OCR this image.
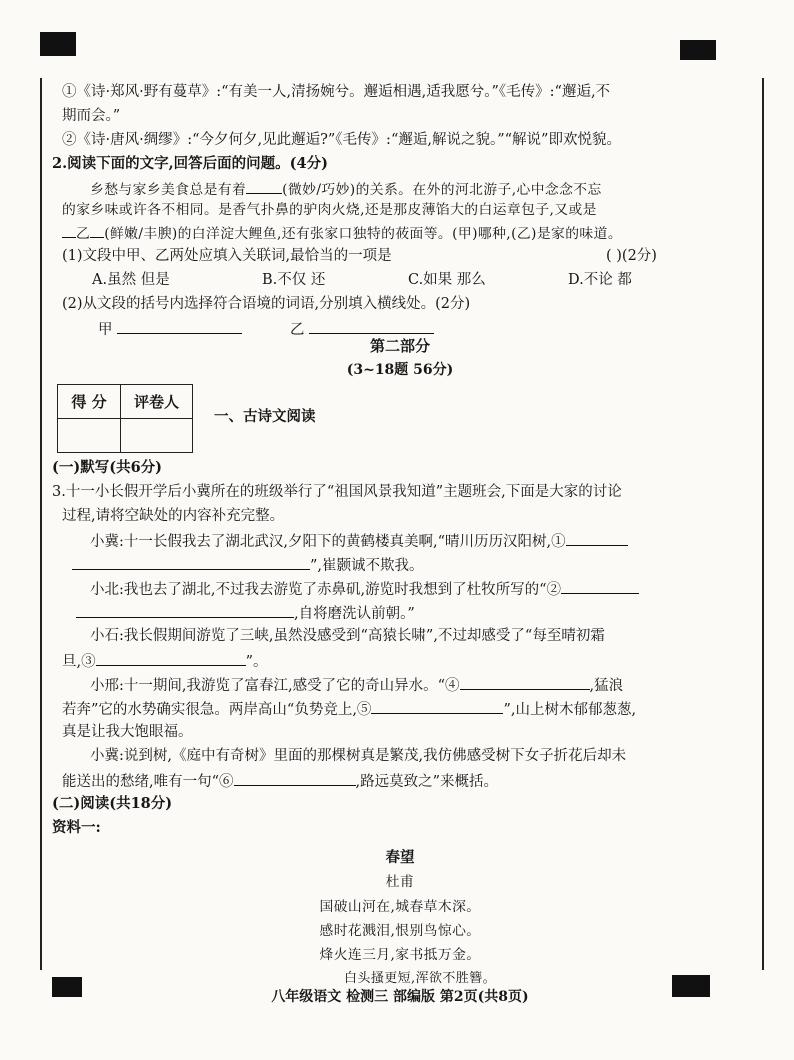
①《诗·郑风·野有蔓草》:“有美一人,清扬婉兮。邂逅相遇,适我愿兮。”《毛传》:“邂逅,不
期而会。”
②《诗·唐风·绸缪》:“今夕何夕,见此邂逅?”《毛传》:“邂逅,解说之貌。”“解说”即欢悦貌。
2.阅读下面的文字,回答后面的问题。(4分)
乡愁与家乡美食总是有着	(微妙/巧妙)的关系。在外的河北游子,心中念念不忘
的家乡味或许各不相同。是香气扑鼻的驴肉火烧,还是那皮薄馅大的白运章包子,又或是
乙 (鲜嫩/丰腴)的白洋淀大鲤鱼,还有张家口独特的莜面等。(甲)哪种,(乙)是家的味道。
(1)文段中甲、乙两处应填入关联词,最恰当的一项是	( )(2分)
A.虽然 但是	B.不仅 还	C.如果 那么	D.不论 都
(2)从文段的括号内选择符合语境的词语,分别填入横线处。(2分)
甲	乙
第二部分
(3~18题 56分)
得 分	评卷人

一、古诗文阅读
(一)默写(共6分)
3.十一小长假开学后小冀所在的班级举行了“祖国风景我知道”主题班会,下面是大家的讨论
过程,请将空缺处的内容补充完整。
小冀:十一长假我去了湖北武汉,夕阳下的黄鹤楼真美啊,“晴川历历汉阳树,①
”,崔颢诚不欺我。
小北:我也去了湖北,不过我去游览了赤鼻矶,游览时我想到了杜牧所写的“②
,自将磨洗认前朝。”
小石:我长假期间游览了三峡,虽然没感受到“高猿长啸”,不过却感受了“每至晴初霜
旦,③	”。
小邢:十一期间,我游览了富春江,感受了它的奇山异水。“④	,猛浪
若奔”它的水势确实很急。两岸高山“负势竞上,⑤	”,山上树木郁郁葱葱,
真是让我大饱眼福。
小冀:说到树,《庭中有奇树》里面的那棵树真是繁茂,我仿佛感受树下女子折花后却未
能送出的愁绪,唯有一句“⑥	,路远莫致之”来概括。
(二)阅读(共18分)
资料一:
春望
杜甫
国破山河在,城春草木深。
感时花溅泪,恨别鸟惊心。
烽火连三月,家书抵万金。
白头搔更短,浑欲不胜簪。
八年级语文 检测三 部编版 第2页(共8页)
